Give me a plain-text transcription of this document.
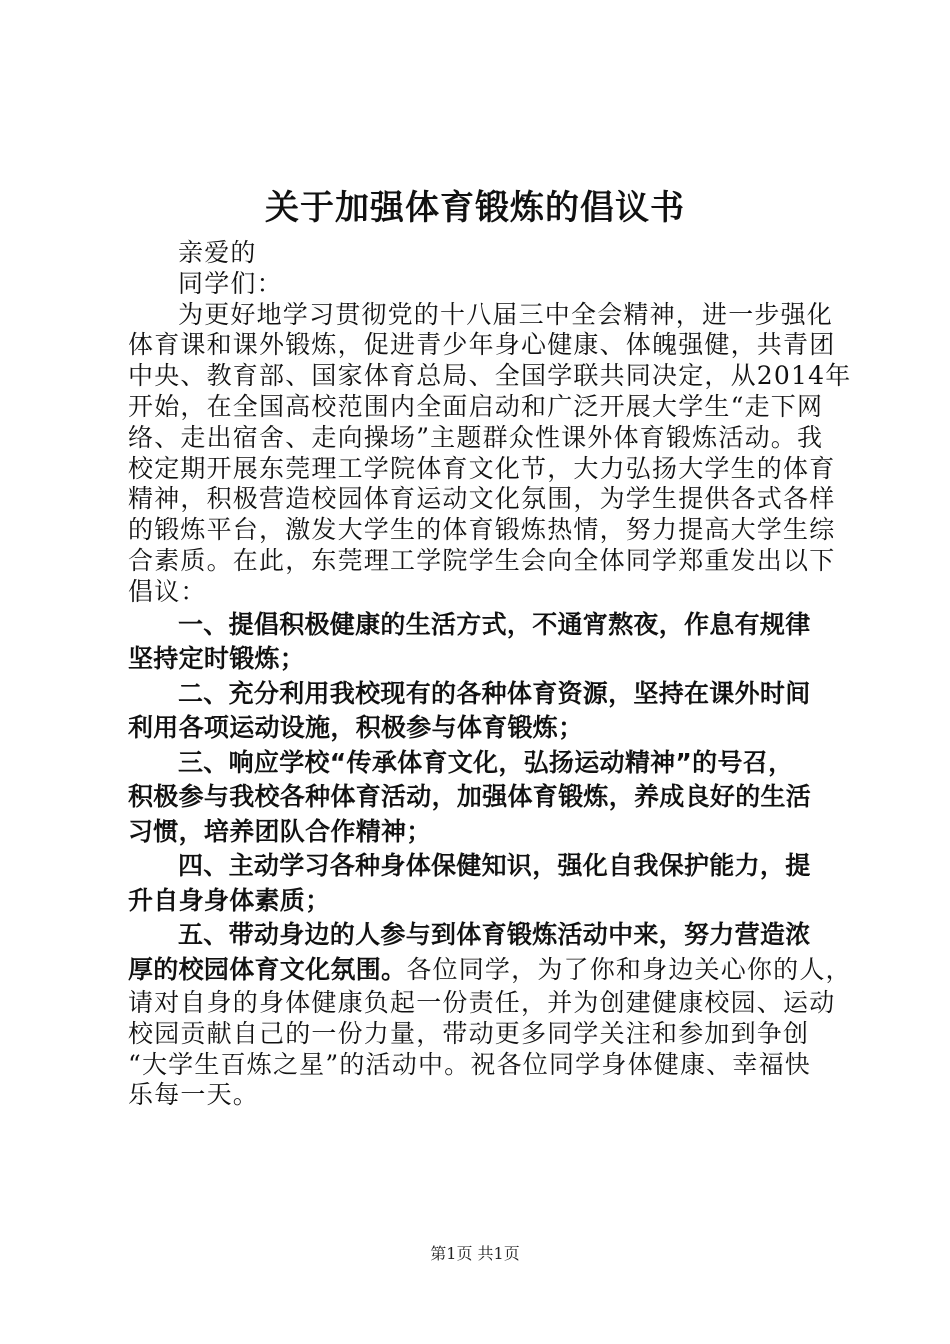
关于加强体育锻炼的倡议书
亲爱的
同学们：
为更好地学习贯彻党的十八届三中全会精神，进一步强化
体育课和课外锻炼，促进青少年身心健康、体魄强健，共青团
中央、教育部、国家体育总局、全国学联共同决定，从2014年
开始，在全国高校范围内全面启动和广泛开展大学生“走下网
络、走出宿舍、走向操场”主题群众性课外体育锻炼活动。我
校定期开展东莞理工学院体育文化节，大力弘扬大学生的体育
精神，积极营造校园体育运动文化氛围，为学生提供各式各样
的锻炼平台，激发大学生的体育锻炼热情，努力提高大学生综
合素质。在此，东莞理工学院学生会向全体同学郑重发出以下
倡议：
一、提倡积极健康的生活方式，不通宵熬夜，作息有规律
坚持定时锻炼；
二、充分利用我校现有的各种体育资源，坚持在课外时间
利用各项运动设施，积极参与体育锻炼；
三、响应学校“传承体育文化，弘扬运动精神”的号召，
积极参与我校各种体育活动，加强体育锻炼，养成良好的生活
习惯，培养团队合作精神；
四、主动学习各种身体保健知识，强化自我保护能力，提
升自身身体素质；
五、带动身边的人参与到体育锻炼活动中来，努力营造浓
厚的校园体育文化氛围。各位同学，为了你和身边关心你的人，
请对自身的身体健康负起一份责任，并为创建健康校园、运动
校园贡献自己的一份力量，带动更多同学关注和参加到争创
“大学生百炼之星”的活动中。祝各位同学身体健康、幸福快
乐每一天。
第1页 共1页
